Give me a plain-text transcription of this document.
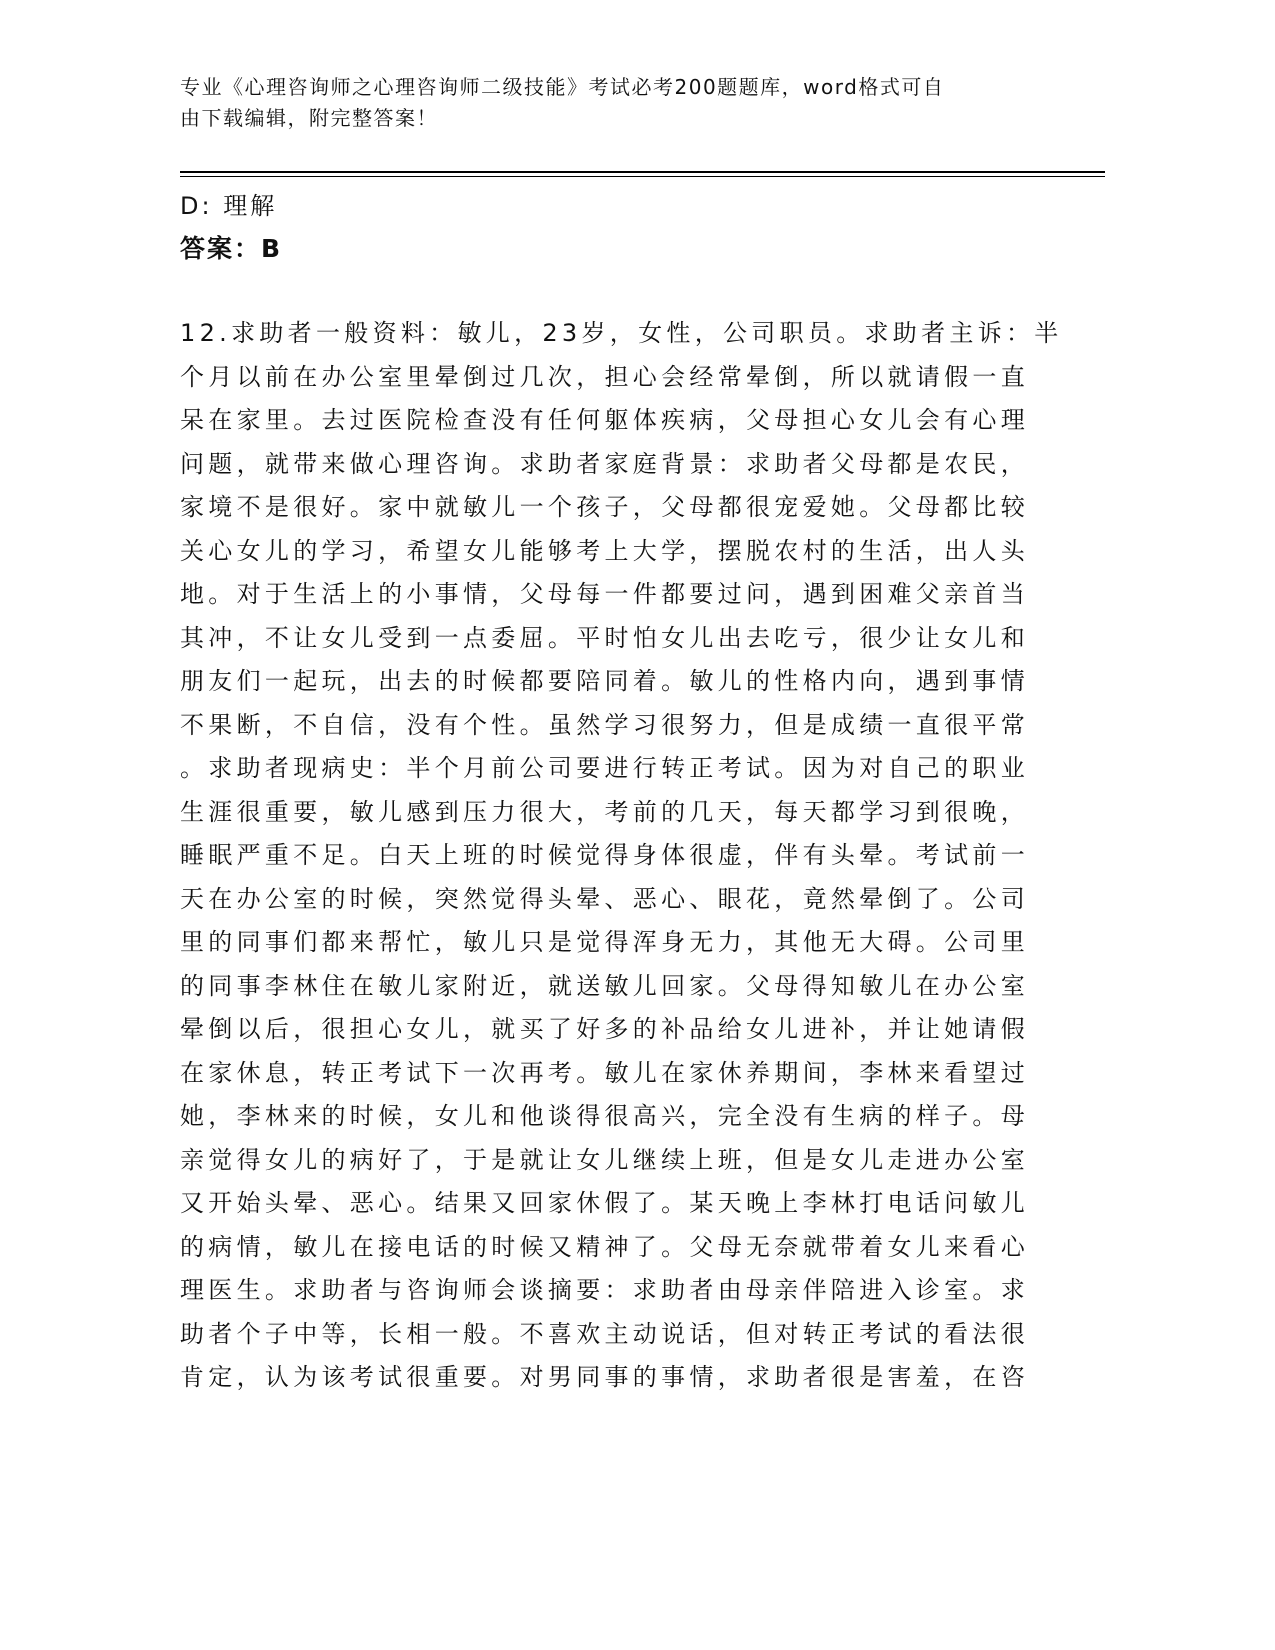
专业《心理咨询师之心理咨询师二级技能》考试必考200题题库，word格式可自
由下载编辑，附完整答案！
D: 理解
答案：B
12.求助者一般资料：敏儿，23岁，女性，公司职员。求助者主诉：半
个月以前在办公室里晕倒过几次，担心会经常晕倒，所以就请假一直
呆在家里。去过医院检查没有任何躯体疾病，父母担心女儿会有心理
问题，就带来做心理咨询。求助者家庭背景：求助者父母都是农民，
家境不是很好。家中就敏儿一个孩子，父母都很宠爱她。父母都比较
关心女儿的学习，希望女儿能够考上大学，摆脱农村的生活，出人头
地。对于生活上的小事情，父母每一件都要过问，遇到困难父亲首当
其冲，不让女儿受到一点委屈。平时怕女儿出去吃亏，很少让女儿和
朋友们一起玩，出去的时候都要陪同着。敏儿的性格内向，遇到事情
不果断，不自信，没有个性。虽然学习很努力，但是成绩一直很平常
。求助者现病史：半个月前公司要进行转正考试。因为对自己的职业
生涯很重要，敏儿感到压力很大，考前的几天，每天都学习到很晚，
睡眠严重不足。白天上班的时候觉得身体很虚，伴有头晕。考试前一
天在办公室的时候，突然觉得头晕、恶心、眼花，竟然晕倒了。公司
里的同事们都来帮忙，敏儿只是觉得浑身无力，其他无大碍。公司里
的同事李林住在敏儿家附近，就送敏儿回家。父母得知敏儿在办公室
晕倒以后，很担心女儿，就买了好多的补品给女儿进补，并让她请假
在家休息，转正考试下一次再考。敏儿在家休养期间，李林来看望过
她，李林来的时候，女儿和他谈得很高兴，完全没有生病的样子。母
亲觉得女儿的病好了，于是就让女儿继续上班，但是女儿走进办公室
又开始头晕、恶心。结果又回家休假了。某天晚上李林打电话问敏儿
的病情，敏儿在接电话的时候又精神了。父母无奈就带着女儿来看心
理医生。求助者与咨询师会谈摘要：求助者由母亲伴陪进入诊室。求
助者个子中等，长相一般。不喜欢主动说话，但对转正考试的看法很
肯定，认为该考试很重要。对男同事的事情，求助者很是害羞，在咨
